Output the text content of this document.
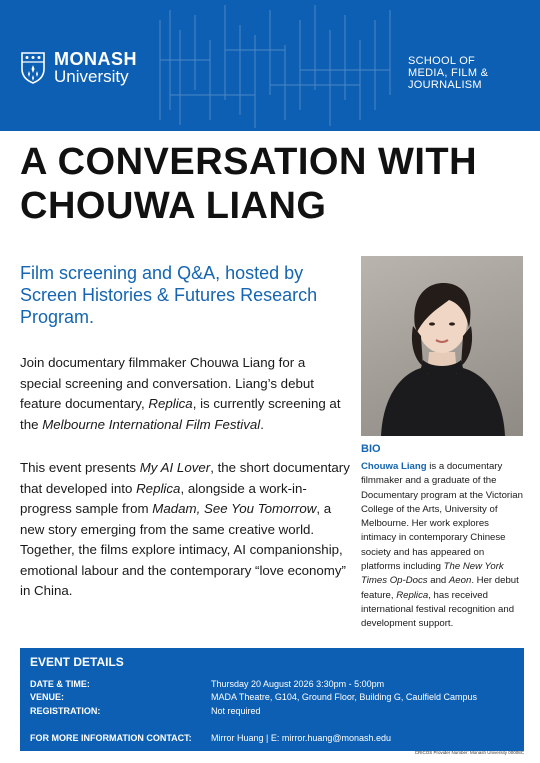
MONASH
University
SCHOOL OF
MEDIA, FILM &
JOURNALISM
A CONVERSATION WITH
CHOUWA LIANG
Film screening and Q&A, hosted by Screen Histories & Futures Research Program.
Join documentary filmmaker Chouwa Liang for a special screening and conversation. Liang’s debut feature documentary, Replica, is currently screening at the Melbourne International Film Festival.
This event presents My AI Lover, the short documentary that developed into Replica, alongside a work-in-progress sample from Madam, See You Tomorrow, a new story emerging from the same creative world. Together, the films explore intimacy, AI companionship, emotional labour and the contemporary “love economy” in China.
BIO
Chouwa Liang is a documentary filmmaker and a graduate of the Documentary program at the Victorian College of the Arts, University of Melbourne. Her work explores intimacy in contemporary Chinese society and has appeared on platforms including The New York Times Op-Docs and Aeon. Her debut feature, Replica, has received international festival recognition and development support.
EVENT DETAILS
DATE & TIME:	Thursday 20 August 2026 3:30pm - 5:00pm
VENUE:	MADA Theatre, G104, Ground Floor, Building G, Caulfield Campus
REGISTRATION:	Not required
FOR MORE INFORMATION CONTACT: Mirror Huang | E: mirror.huang@monash.edu
CRICOS Provider Number: Monash University 00008C
